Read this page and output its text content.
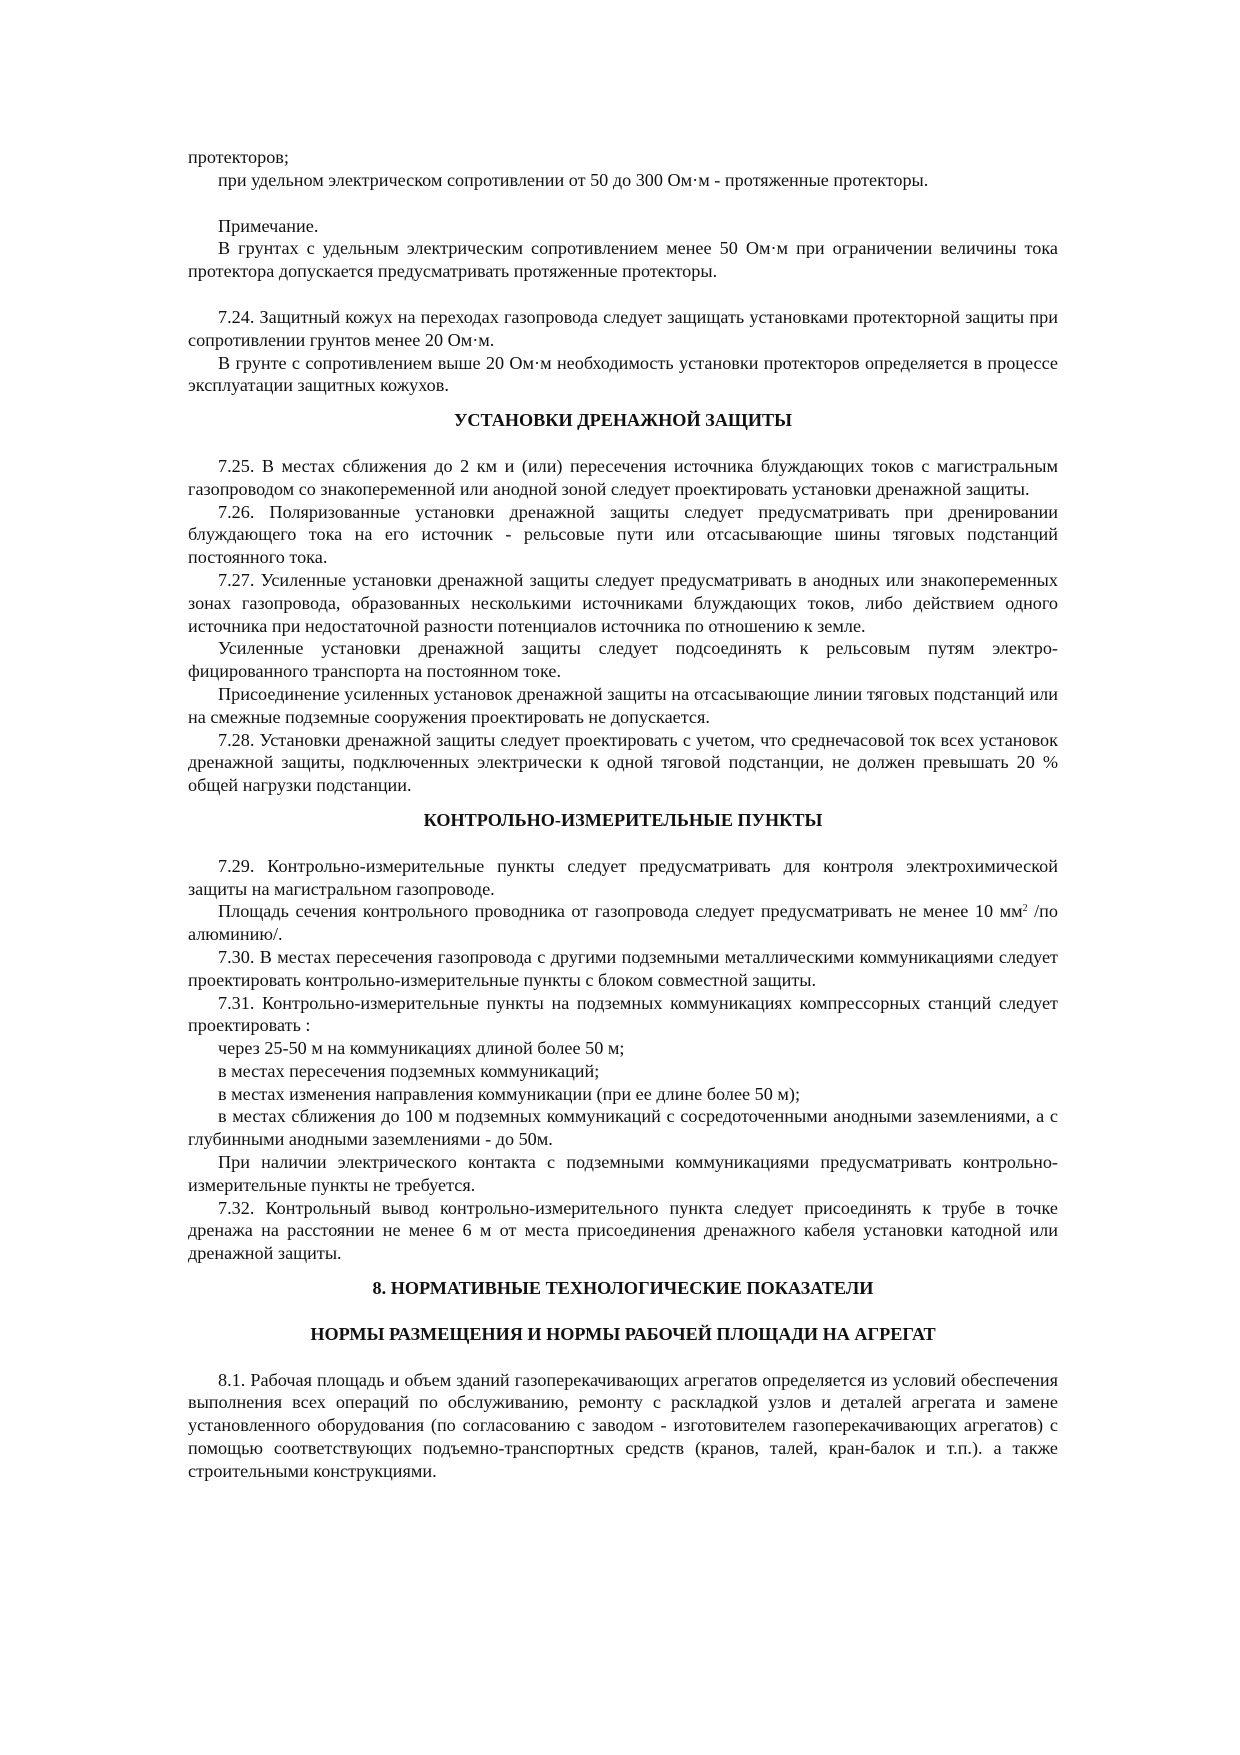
протекторов;

при удельном электрическом сопротивлении от 50 до 300 Ом·м - протяженные протекторы.

Примечание.

В грунтах с удельным электрическим сопротивлением менее 50 Ом·м при ограничении величины тока протектора допускается предусматривать протяженные протекторы.

7.24. Защитный кожух на переходах газопровода следует защищать установками протекторной защиты при сопротивлении грунтов менее 20 Ом·м.

В грунте с сопротивлением выше 20 Ом·м необходимость установки протекторов определяется в процессе эксплуатации защитных кожухов.

УСТАНОВКИ ДРЕНАЖНОЙ ЗАЩИТЫ

7.25. В местах сближения до 2 км и (или) пересечения источника блуждающих токов с магистральным газопроводом со знакопеременной или анодной зоной следует проектировать установки дренажной защиты.

7.26. Поляризованные установки дренажной защиты следует предусматривать при дренировании блуждающего тока на его источник - рельсовые пути или отсасывающие шины тяговых подстанций постоянного тока.

7.27. Усиленные установки дренажной защиты следует предусматривать в анодных или знакопеременных зонах газопровода, образованных несколькими источниками блуждающих токов, либо действием одного источника при недостаточной разности потенциалов источника по отношению к земле.

Усиленные установки дренажной защиты следует подсоединять к рельсовым путям электро-фицированного транспорта на постоянном токе.

Присоединение усиленных установок дренажной защиты на отсасывающие линии тяговых подстанций или на смежные подземные сооружения проектировать не допускается.

7.28. Установки дренажной защиты следует проектировать с учетом, что среднечасовой ток всех установок дренажной защиты, подключенных электрически к одной тяговой подстанции, не должен превышать 20 % общей нагрузки подстанции.

КОНТРОЛЬНО-ИЗМЕРИТЕЛЬНЫЕ ПУНКТЫ

7.29. Контрольно-измерительные пункты следует предусматривать для контроля электрохимической защиты на магистральном газопроводе.

Площадь сечения контрольного проводника от газопровода следует предусматривать не менее 10 $мм^2$ /по алюминию/.

7.30. В местах пересечения газопровода с другими подземными металлическими коммуникациями следует проектировать контрольно-измерительные пункты с блоком совместной защиты.

7.31. Контрольно-измерительные пункты на подземных коммуникациях компрессорных станций следует проектировать :

через 25-50 м на коммуникациях длиной более 50 м;

в местах пересечения подземных коммуникаций;

в местах изменения направления коммуникации (при ее длине более 50 м);

в местах сближения до 100 м подземных коммуникаций с сосредоточенными анодными заземлениями, а с глубинными анодными заземлениями - до 50м.

При наличии электрического контакта с подземными коммуникациями предусматривать контрольно-измерительные пункты не требуется.

7.32. Контрольный вывод контрольно-измерительного пункта следует присоединять к трубе в точке дренажа на расстоянии не менее 6 м от места присоединения дренажного кабеля установки катодной или дренажной защиты.

8. НОРМАТИВНЫЕ ТЕХНОЛОГИЧЕСКИЕ ПОКАЗАТЕЛИ
НОРМЫ РАЗМЕЩЕНИЯ И НОРМЫ РАБОЧЕЙ ПЛОЩАДИ НА АГРЕГАТ

8.1. Рабочая площадь и объем зданий газоперекачивающих агрегатов определяется из условий обеспечения выполнения всех операций по обслуживанию, ремонту с раскладкой узлов и деталей агрегата и замене установленного оборудования (по согласованию с заводом - изготовителем газоперекачивающих агрегатов) с помощью соответствующих подъемно-транспортных средств (кранов, талей, кран-балок и т.п.). а также строительными конструкциями.
